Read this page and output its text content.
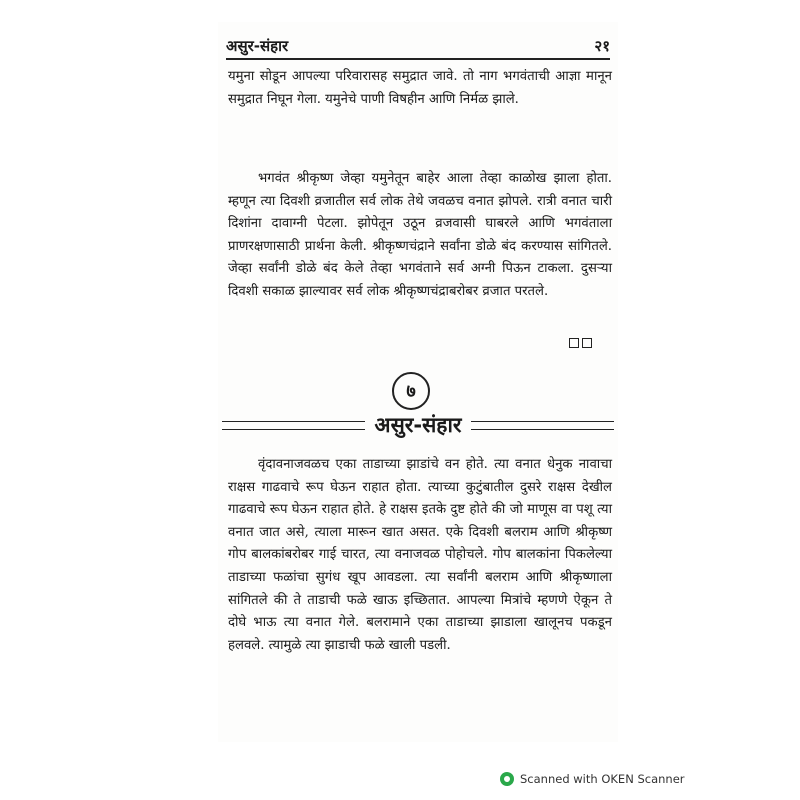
असुर-संहार	२१

यमुना सोडून आपल्या परिवारासह समुद्रात जावे. तो नाग भगवंताची आज्ञा मानून समुद्रात निघून गेला. यमुनेचे पाणी विषहीन आणि निर्मळ झाले.

भगवंत श्रीकृष्ण जेव्हा यमुनेतून बाहेर आला तेव्हा काळोख झाला होता. म्हणून त्या दिवशी व्रजातील सर्व लोक तेथे जवळच वनात झोपले. रात्री वनात चारी दिशांना दावाग्नी पेटला. झोपेतून उठून व्रजवासी घाबरले आणि भगवंताला प्राणरक्षणासाठी प्रार्थना केली. श्रीकृष्णचंद्राने सर्वांना डोळे बंद करण्यास सांगितले. जेव्हा सर्वांनी डोळे बंद केले तेव्हा भगवंताने सर्व अग्नी पिऊन टाकला. दुसऱ्या दिवशी सकाळ झाल्यावर सर्व लोक श्रीकृष्णचंद्राबरोबर व्रजात परतले.

७
असुर-संहार

वृंदावनाजवळच एका ताडाच्या झाडांचे वन होते. त्या वनात धेनुक नावाचा राक्षस गाढवाचे रूप घेऊन राहात होता. त्याच्या कुटुंबातील दुसरे राक्षस देखील गाढवाचे रूप घेऊन राहात होते. हे राक्षस इतके दुष्ट होते की जो माणूस वा पशू त्या वनात जात असे, त्याला मारून खात असत. एके दिवशी बलराम आणि श्रीकृष्ण गोप बालकांबरोबर गाई चारत, त्या वनाजवळ पोहोचले. गोप बालकांना पिकलेल्या ताडाच्या फळांचा सुगंध खूप आवडला. त्या सर्वांनी बलराम आणि श्रीकृष्णाला सांगितले की ते ताडाची फळे खाऊ इच्छितात. आपल्या मित्रांचे म्हणणे ऐकून ते दोघे भाऊ त्या वनात गेले. बलरामाने एका ताडाच्या झाडाला खालूनच पकडून हलवले. त्यामुळे त्या झाडाची फळे खाली पडली.

Scanned with OKEN Scanner
